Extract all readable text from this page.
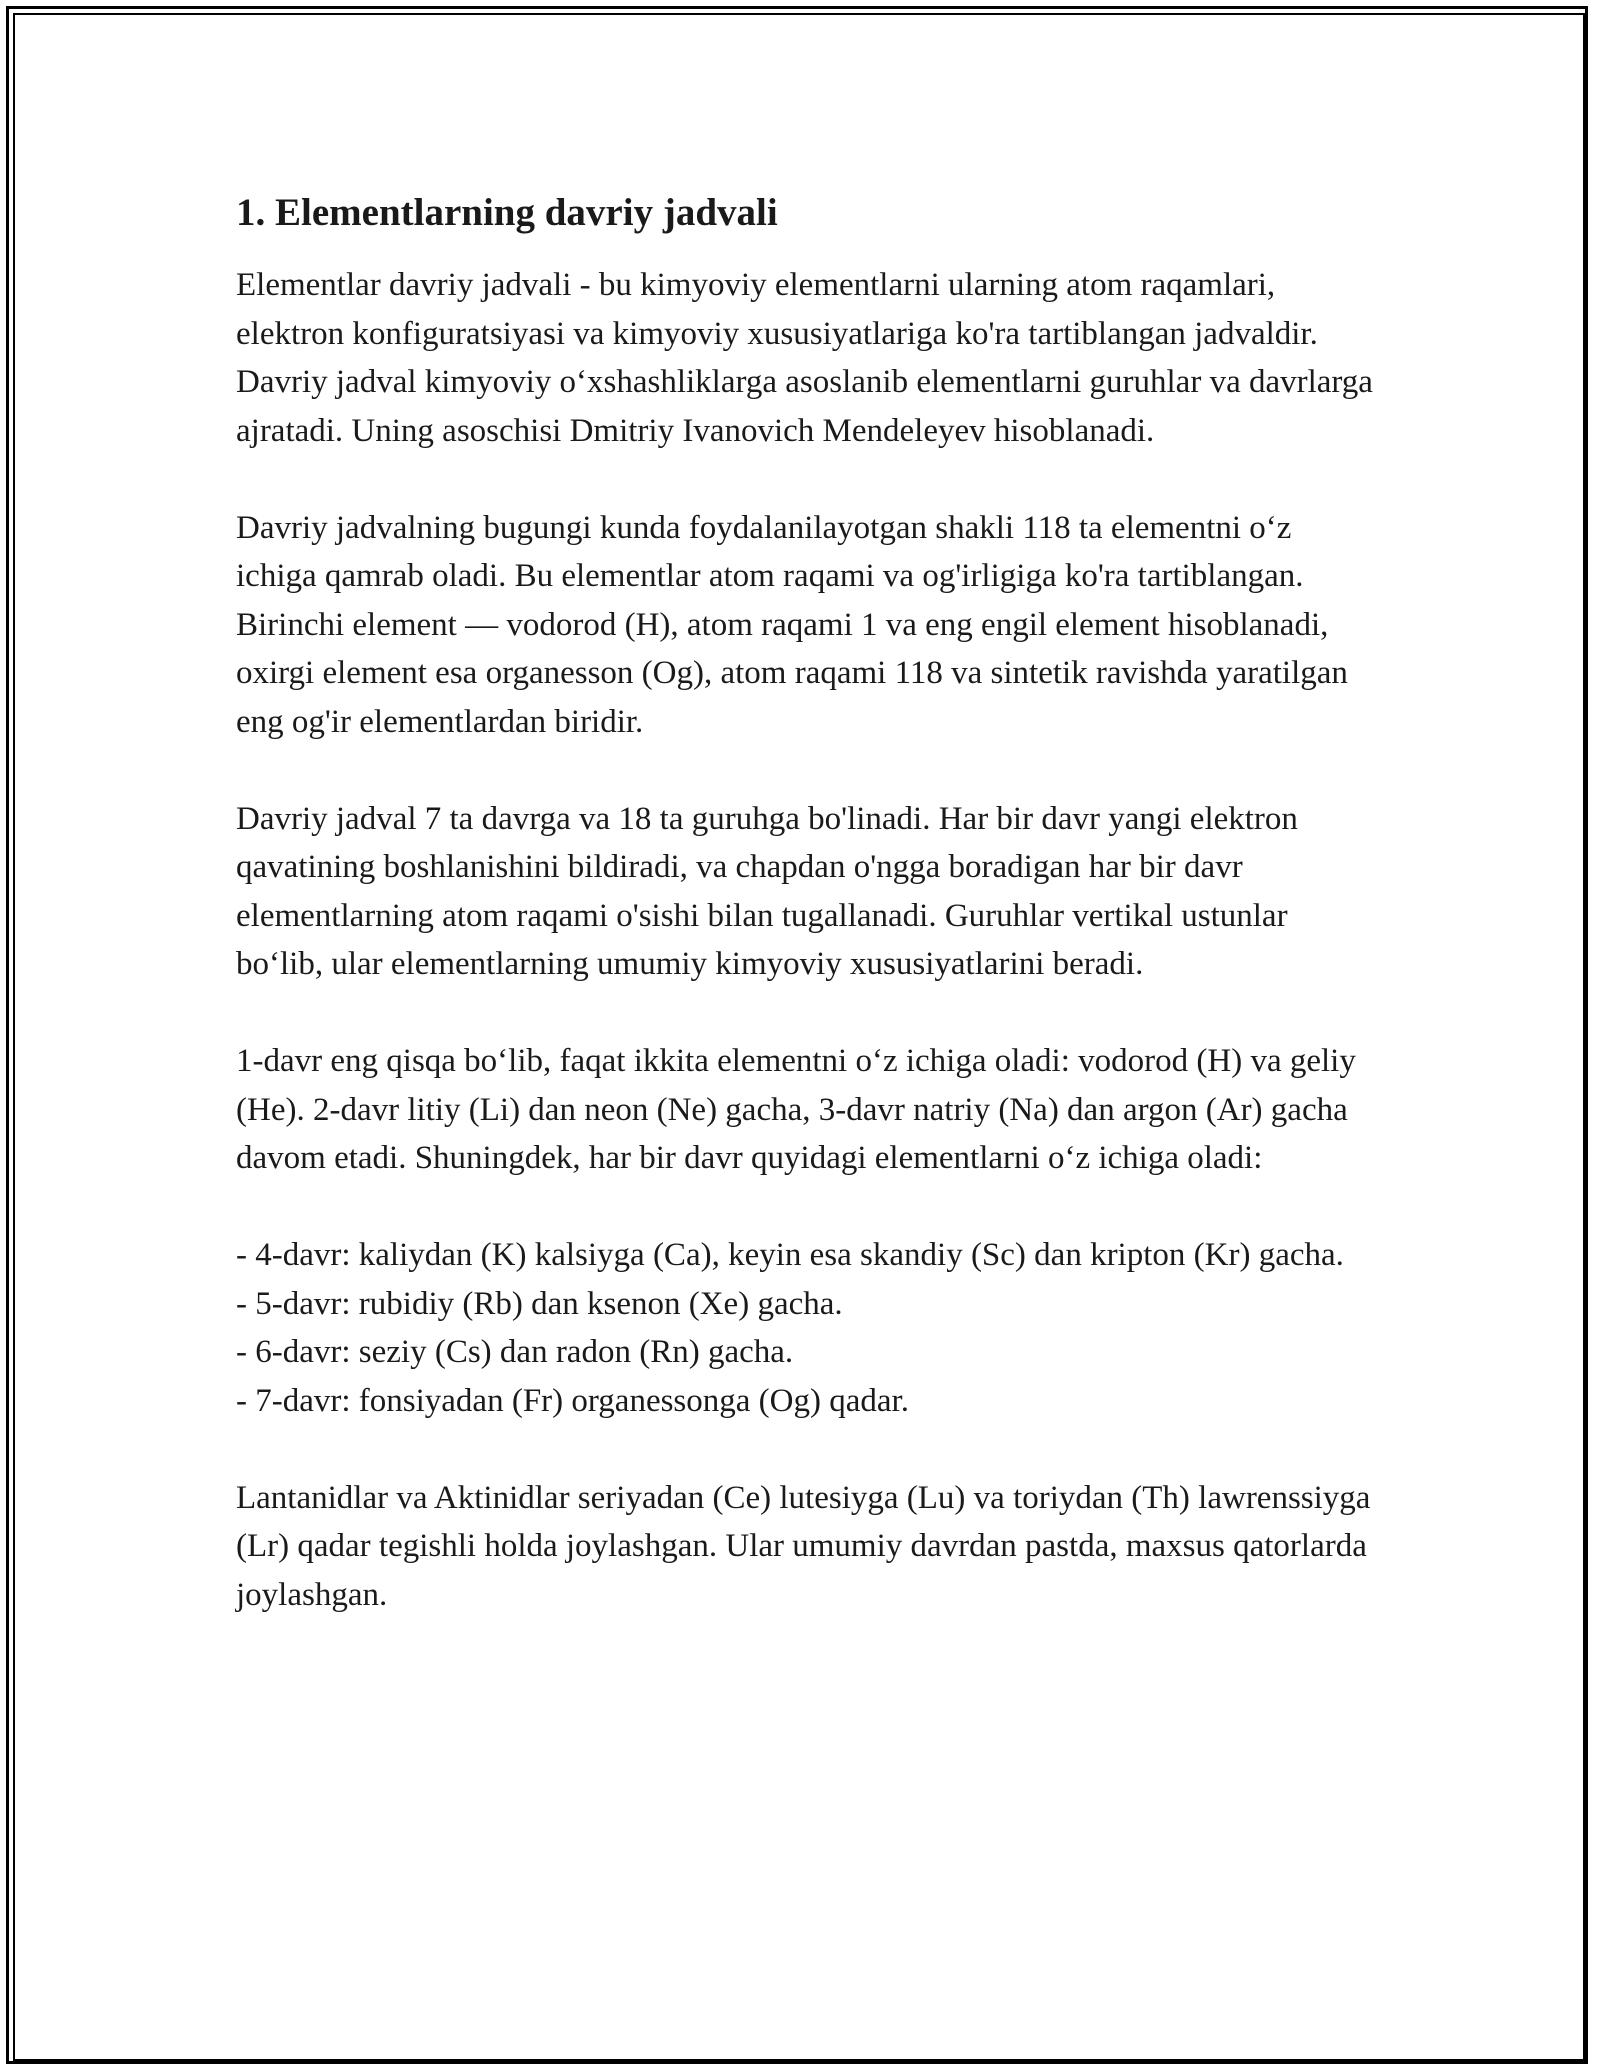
1. Elementlarning davriy jadvali

Elementlar davriy jadvali - bu kimyoviy elementlarni ularning atom raqamlari, elektron konfiguratsiyasi va kimyoviy xususiyatlariga ko'ra tartiblangan jadvaldir. Davriy jadval kimyoviy o‘xshashliklarga asoslanib elementlarni guruhlar va davrlarga ajratadi. Uning asoschisi Dmitriy Ivanovich Mendeleyev hisoblanadi.

Davriy jadvalning bugungi kunda foydalanilayotgan shakli 118 ta elementni o‘z ichiga qamrab oladi. Bu elementlar atom raqami va og'irligiga ko'ra tartiblangan. Birinchi element — vodorod (H), atom raqami 1 va eng engil element hisoblanadi, oxirgi element esa organesson (Og), atom raqami 118 va sintetik ravishda yaratilgan eng og'ir elementlardan biridir.

Davriy jadval 7 ta davrga va 18 ta guruhga bo'linadi. Har bir davr yangi elektron qavatining boshlanishini bildiradi, va chapdan o'ngga boradigan har bir davr elementlarning atom raqami o'sishi bilan tugallanadi. Guruhlar vertikal ustunlar bo‘lib, ular elementlarning umumiy kimyoviy xususiyatlarini beradi.

1-davr eng qisqa bo‘lib, faqat ikkita elementni o‘z ichiga oladi: vodorod (H) va geliy (He). 2-davr litiy (Li) dan neon (Ne) gacha, 3-davr natriy (Na) dan argon (Ar) gacha davom etadi. Shuningdek, har bir davr quyidagi elementlarni o‘z ichiga oladi:

- 4-davr: kaliydan (K) kalsiyga (Ca), keyin esa skandiy (Sc) dan kripton (Kr) gacha.
- 5-davr: rubidiy (Rb) dan ksenon (Xe) gacha.
- 6-davr: seziy (Cs) dan radon (Rn) gacha.
- 7-davr: fonsiyadan (Fr) organessonga (Og) qadar.

Lantanidlar va Aktinidlar seriyadan (Ce) lutesiyga (Lu) va toriydan (Th) lawrenssiyga (Lr) qadar tegishli holda joylashgan. Ular umumiy davrdan pastda, maxsus qatorlarda joylashgan.
